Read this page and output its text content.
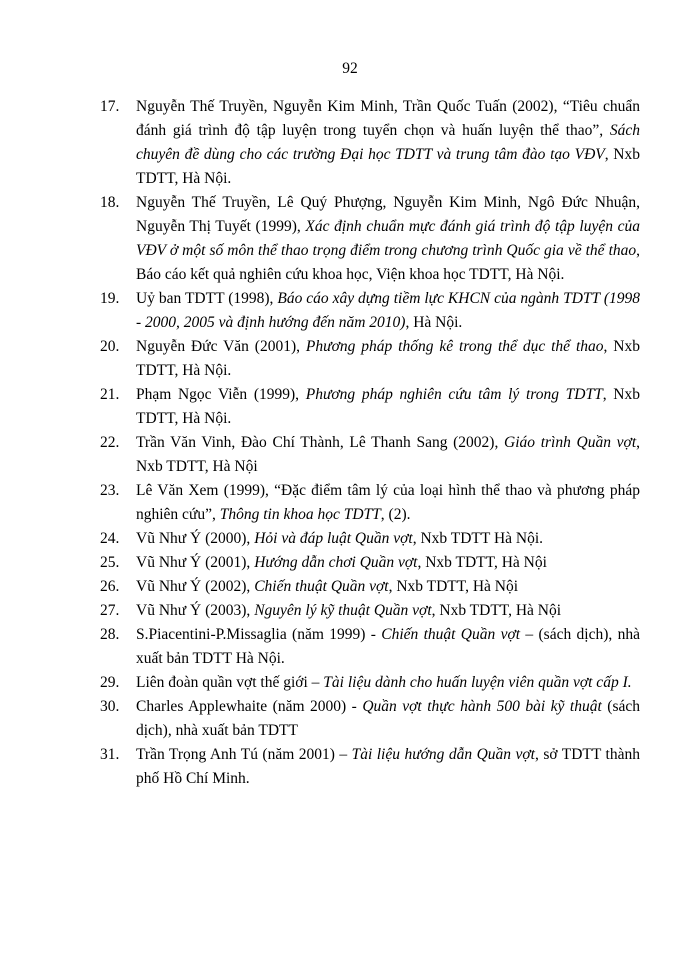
92
17. Nguyễn Thế Truyền, Nguyễn Kim Minh, Trần Quốc Tuấn (2002), “Tiêu chuẩn đánh giá trình độ tập luyện trong tuyển chọn và huấn luyện thể thao”, Sách chuyên đề dùng cho các trường Đại học TDTT và trung tâm đào tạo VĐV, Nxb TDTT, Hà Nội.
18. Nguyễn Thế Truyền, Lê Quý Phượng, Nguyễn Kim Minh, Ngô Đức Nhuận, Nguyễn Thị Tuyết (1999), Xác định chuẩn mực đánh giá trình độ tập luyện của VĐV ở một số môn thể thao trọng điểm trong chương trình Quốc gia về thể thao, Báo cáo kết quả nghiên cứu khoa học, Viện khoa học TDTT, Hà Nội.
19. Uỷ ban TDTT (1998), Báo cáo xây dựng tiềm lực KHCN của ngành TDTT (1998 - 2000, 2005 và định hướng đến năm 2010), Hà Nội.
20. Nguyễn Đức Văn (2001), Phương pháp thống kê trong thể dục thể thao, Nxb TDTT, Hà Nội.
21. Phạm Ngọc Viễn (1999), Phương pháp nghiên cứu tâm lý trong TDTT, Nxb TDTT, Hà Nội.
22. Trần Văn Vinh, Đào Chí Thành, Lê Thanh Sang (2002), Giáo trình Quần vợt, Nxb TDTT, Hà Nội
23. Lê Văn Xem (1999), “Đặc điểm tâm lý của loại hình thể thao và phương pháp nghiên cứu”, Thông tin khoa học TDTT, (2).
24. Vũ Như Ý (2000), Hỏi và đáp luật Quần vợt, Nxb TDTT Hà Nội.
25. Vũ Như Ý (2001), Hướng dẫn chơi Quần vợt, Nxb TDTT, Hà Nội
26. Vũ Như Ý (2002), Chiến thuật Quần vợt, Nxb TDTT, Hà Nội
27. Vũ Như Ý (2003), Nguyên lý kỹ thuật Quần vợt, Nxb TDTT, Hà Nội
28. S.Piacentini-P.Missaglia (năm 1999) - Chiến thuật Quần vợt – (sách dịch), nhà xuất bản TDTT Hà Nội.
29. Liên đoàn quần vợt thế giới – Tài liệu dành cho huấn luyện viên quần vợt cấp I.
30. Charles Applewhaite (năm 2000) - Quần vợt thực hành 500 bài kỹ thuật (sách dịch), nhà xuất bản TDTT
31. Trần Trọng Anh Tú (năm 2001) – Tài liệu hướng dẫn Quần vợt, sở TDTT thành phố Hồ Chí Minh.
